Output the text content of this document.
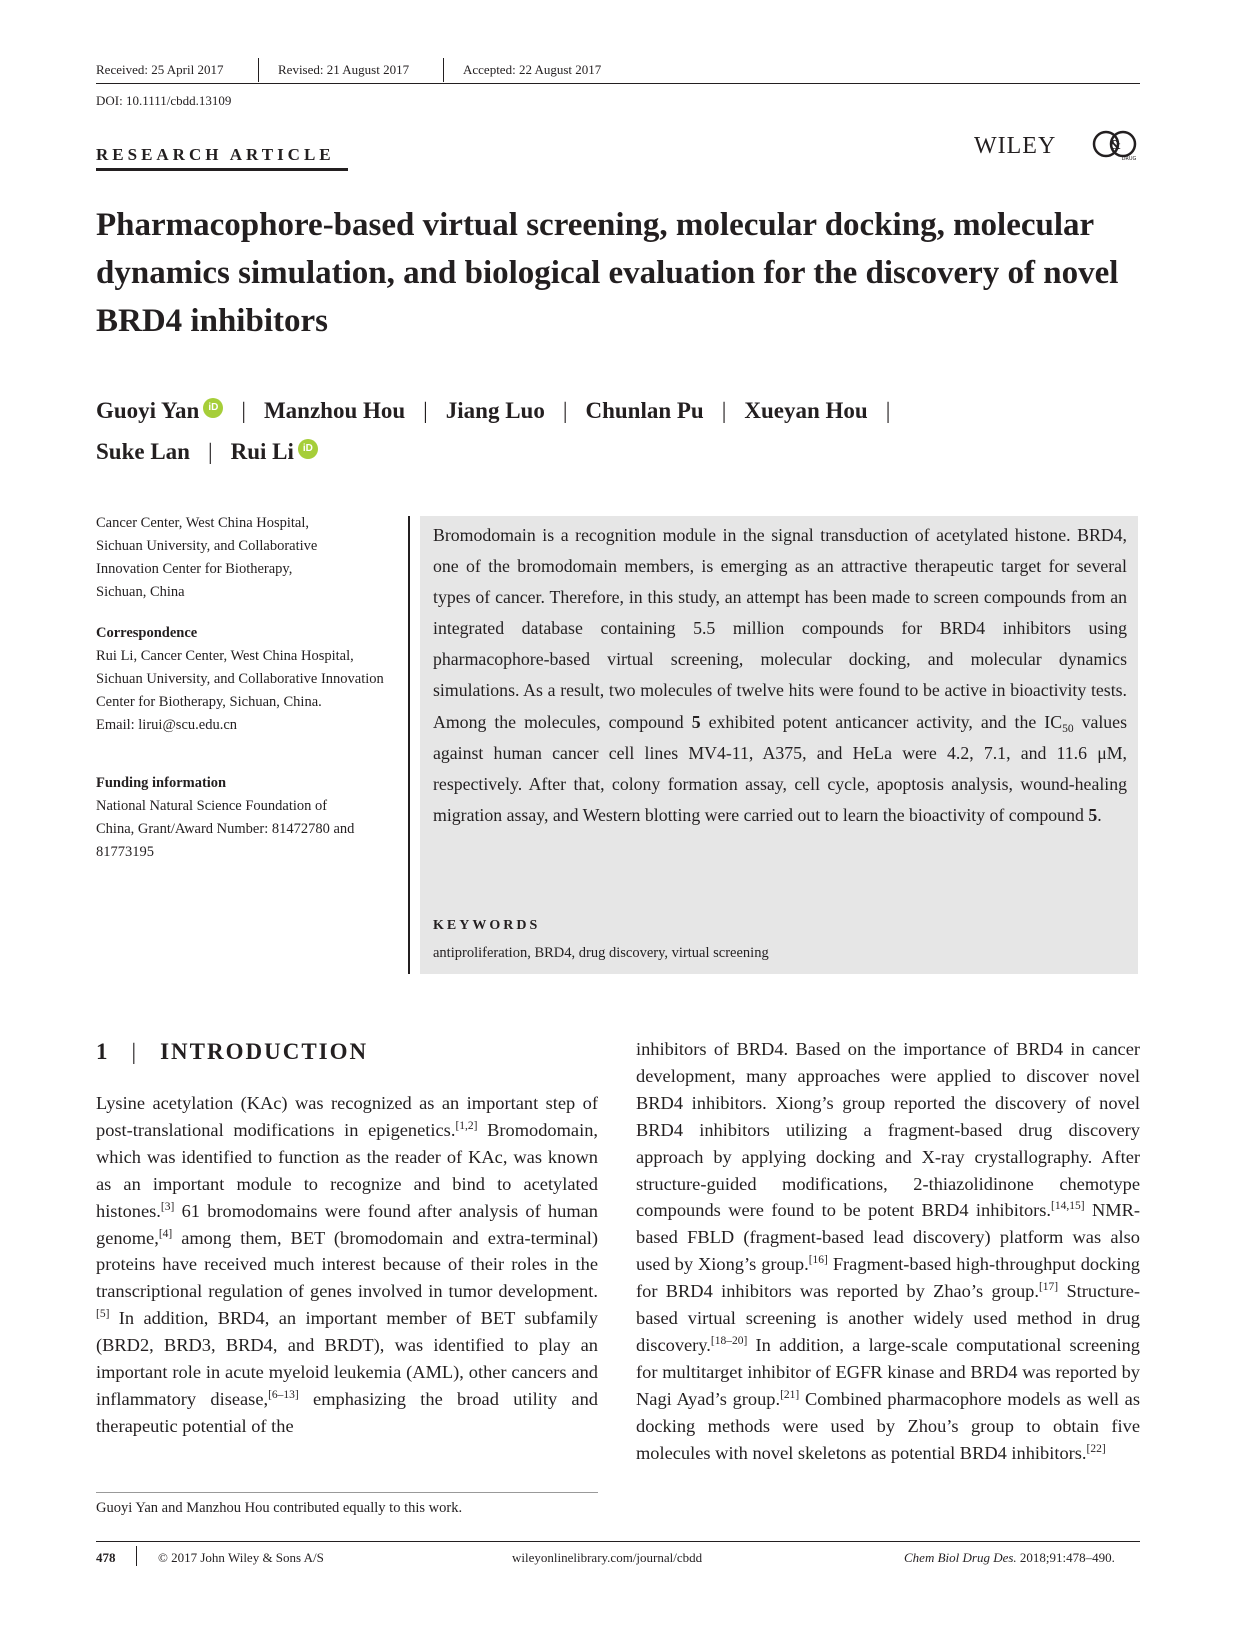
Received: 25 April 2017	Revised: 21 August 2017	Accepted: 22 August 2017
DOI: 10.1111/cbdd.13109
RESEARCH ARTICLE	WILEY	&
DRUG
Pharmacophore-based virtual screening, molecular docking, molecular dynamics simulation, and biological evaluation for the discovery of novel BRD4 inhibitors
Guoyi Yan iD | Manzhou Hou | Jiang Luo | Chunlan Pu | Xueyan Hou |
Suke Lan | Rui Li iD
Cancer Center, West China Hospital, Sichuan University, and Collaborative Innovation Center for Biotherapy, Sichuan, China
Correspondence
Rui Li, Cancer Center, West China Hospital, Sichuan University, and Collaborative Innovation Center for Biotherapy, Sichuan, China.
Email: lirui@scu.edu.cn
Funding information
National Natural Science Foundation of China, Grant/Award Number: 81472780 and 81773195
Bromodomain is a recognition module in the signal transduction of acetylated histone. BRD4, one of the bromodomain members, is emerging as an attractive therapeutic target for several types of cancer. Therefore, in this study, an attempt has been made to screen compounds from an integrated database containing 5.5 million compounds for BRD4 inhibitors using pharmacophore-based virtual screening, molecular docking, and molecular dynamics simulations. As a result, two molecules of twelve hits were found to be active in bioactivity tests. Among the molecules, compound 5 exhibited potent anticancer activity, and the $IC_{50}$ values against human cancer cell lines MV4-11, A375, and HeLa were 4.2, 7.1, and 11.6 μM, respectively. After that, colony formation assay, cell cycle, apoptosis analysis, wound-healing migration assay, and Western blotting were carried out to learn the bioactivity of compound 5.
KEYWORDS
antiproliferation, BRD4, drug discovery, virtual screening
1 | INTRODUCTION
Lysine acetylation (KAc) was recognized as an important step of post-translational modifications in epigenetics.[1,2] Bromodomain, which was identified to function as the reader of KAc, was known as an important module to recognize and bind to acetylated histones.[3] 61 bromodomains were found after analysis of human genome,[4] among them, BET (bromodomain and extra-terminal) proteins have received much interest because of their roles in the transcriptional regulation of genes involved in tumor development.[5] In addition, BRD4, an important member of BET subfamily (BRD2, BRD3, BRD4, and BRDT), was identified to play an important role in acute myeloid leukemia (AML), other cancers and inflammatory disease,[6–13] emphasizing the broad utility and therapeutic potential of the
inhibitors of BRD4. Based on the importance of BRD4 in cancer development, many approaches were applied to discover novel BRD4 inhibitors. Xiong’s group reported the discovery of novel BRD4 inhibitors utilizing a fragment-based drug discovery approach by applying docking and X-ray crystallography. After structure-guided modifications, 2-thiazolidinone chemotype compounds were found to be potent BRD4 inhibitors.[14,15] NMR-based FBLD (fragment-based lead discovery) platform was also used by Xiong’s group.[16] Fragment-based high-throughput docking for BRD4 inhibitors was reported by Zhao’s group.[17] Structure-based virtual screening is another widely used method in drug discovery.[18–20] In addition, a large-scale computational screening for multitarget inhibitor of EGFR kinase and BRD4 was reported by Nagi Ayad’s group.[21] Combined pharmacophore models as well as docking methods were used by Zhou’s group to obtain five molecules with novel skeletons as potential BRD4 inhibitors.[22]
Guoyi Yan and Manzhou Hou contributed equally to this work.
478	© 2017 John Wiley & Sons A/S	wileyonlinelibrary.com/journal/cbdd	Chem Biol Drug Des. 2018;91:478–490.
